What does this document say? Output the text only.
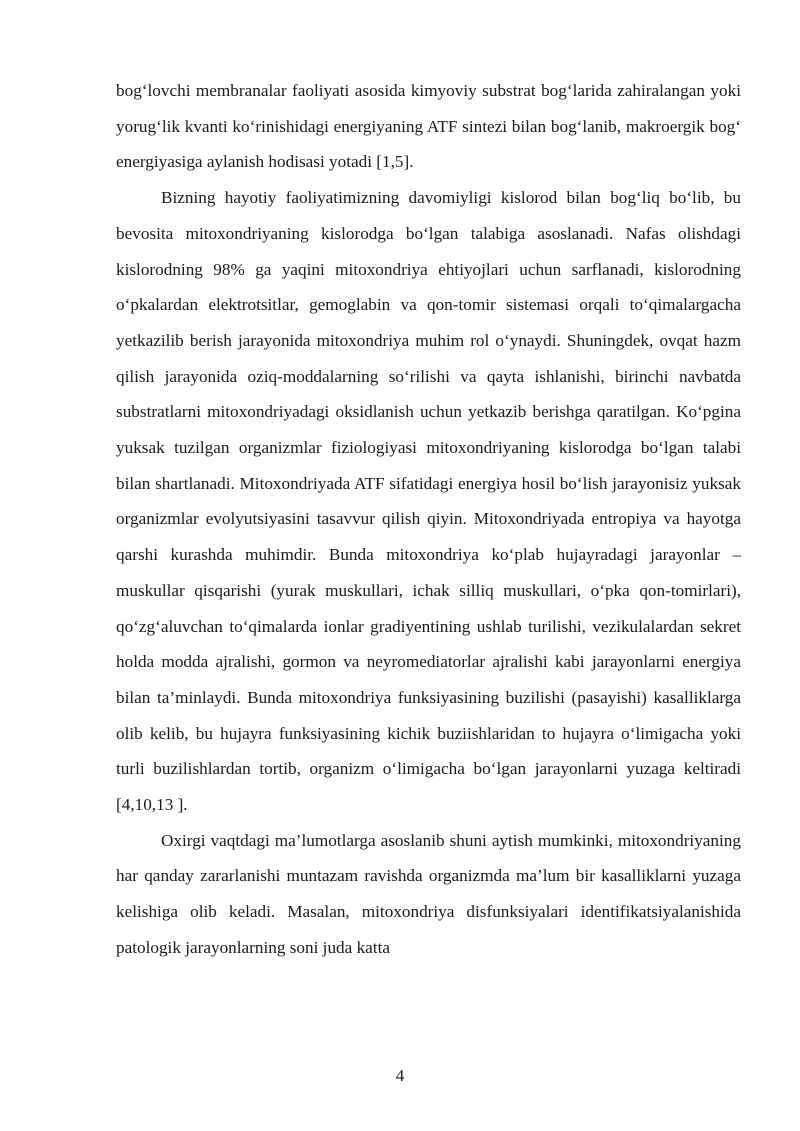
bog‘lovchi membranalar faoliyati asosida kimyoviy substrat bog‘larida zahiralangan yoki yorug‘lik kvanti ko‘rinishidagi energiyaning ATF sintezi bilan bog‘lanib, makroergik bog‘ energiyasiga aylanish hodisasi yotadi [1,5].

Bizning hayotiy faoliyatimizning davomiyligi kislorod bilan bog‘liq bo‘lib, bu bevosita mitoxondriyaning kislorodga bo‘lgan talabiga asoslanadi. Nafas olishdagi kislorodning 98% ga yaqini mitoxondriya ehtiyojlari uchun sarflanadi, kislorodning o‘pkalardan elektrotsitlar, gemoglabin va qon-tomir sistemasi orqali to‘qimalargacha yetkazilib berish jarayonida mitoxondriya muhim rol o‘ynaydi. Shuningdek, ovqat hazm qilish jarayonida oziq-moddalarning so‘rilishi va qayta ishlanishi, birinchi navbatda substratlarni mitoxondriyadagi oksidlanish uchun yetkazib berishga qaratilgan. Ko‘pgina yuksak tuzilgan organizmlar fiziologiyasi mitoxondriyaning kislorodga bo‘lgan talabi bilan shartlanadi. Mitoxondriyada ATF sifatidagi energiya hosil bo‘lish jarayonisiz yuksak organizmlar evolyutsiyasini tasavvur qilish qiyin. Mitoxondriyada entropiya va hayotga qarshi kurashda muhimdir. Bunda mitoxondriya ko‘plab hujayradagi jarayonlar – muskullar qisqarishi (yurak muskullari, ichak silliq muskullari, o‘pka qon-tomirlari), qo‘zg‘aluvchan to‘qimalarda ionlar gradiyentining ushlab turilishi, vezikulalardan sekret holda modda ajralishi, gormon va neyromediatorlar ajralishi kabi jarayonlarni energiya bilan ta’minlaydi. Bunda mitoxondriya funksiyasining buzilishi (pasayishi) kasalliklarga olib kelib, bu hujayra funksiyasining kichik buziishlaridan to hujayra o‘limigacha yoki turli buzilishlardan tortib, organizm o‘limigacha bo‘lgan jarayonlarni yuzaga keltiradi [4,10,13 ].

Oxirgi vaqtdagi ma’lumotlarga asoslanib shuni aytish mumkinki, mitoxondriyaning har qanday zararlanishi muntazam ravishda organizmda ma’lum bir kasalliklarni yuzaga kelishiga olib keladi. Masalan, mitoxondriya disfunksiyalari identifikatsiyalanishida patologik jarayonlarning soni juda katta

4
